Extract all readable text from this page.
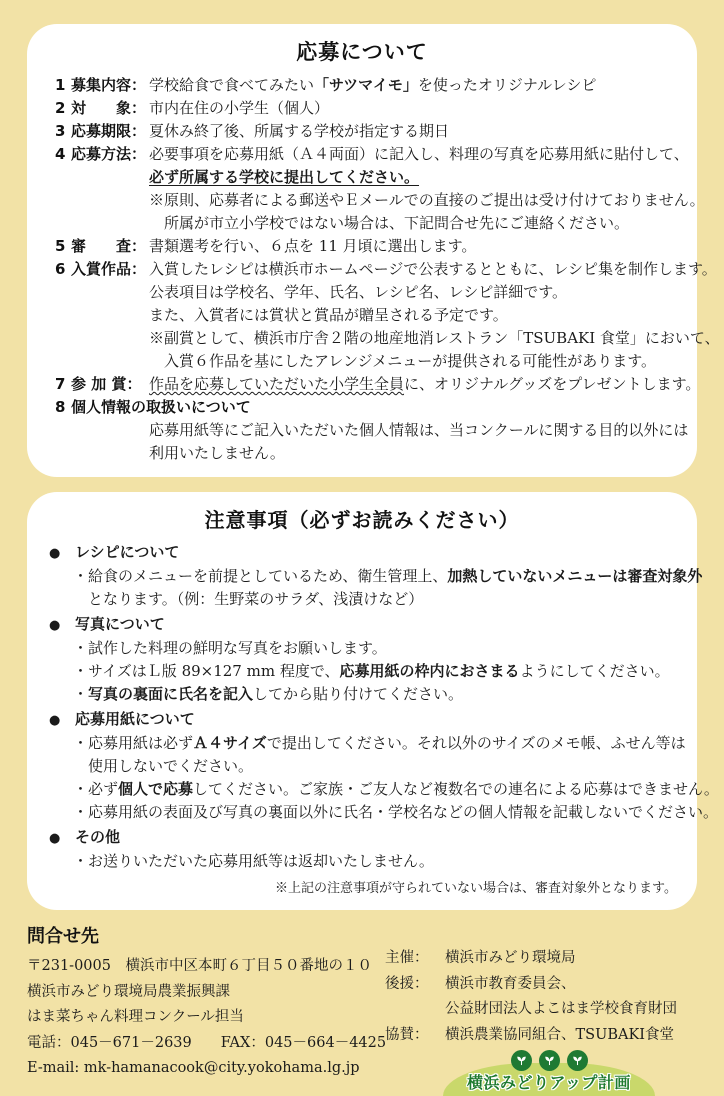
応募について
1 募集内容： 学校給食で食べてみたい「サツマイモ」を使ったオリジナルレシピ
2 対　　象： 市内在住の小学生（個人）
3 応募期限： 夏休み終了後、所属する学校が指定する期日
4 応募方法： 必要事項を応募用紙（Ａ４両面）に記入し、料理の写真を応募用紙に貼付して、
必ず所属する学校に提出してください。
※原則、応募者による郵送やＥメールでの直接のご提出は受け付けておりません。
所属が市立小学校ではない場合は、下記問合せ先にご連絡ください。
5 審　　査： 書類選考を行い、６点を 11 月頃に選出します。
6 入賞作品： 入賞したレシピは横浜市ホームページで公表するとともに、レシピ集を制作します。
公表項目は学校名、学年、氏名、レシピ名、レシピ詳細です。
また、入賞者には賞状と賞品が贈呈される予定です。
※副賞として、横浜市庁舎２階の地産地消レストラン「TSUBAKI 食堂」において、
入賞６作品を基にしたアレンジメニューが提供される可能性があります。
7 参 加 賞： 作品を応募していただいた小学生全員に、オリジナルグッズをプレゼントします。
8 個人情報の取扱いについて
応募用紙等にご記入いただいた個人情報は、当コンクールに関する目的以外には
利用いたしません。
注意事項（必ずお読みください）
● レシピについて
・給食のメニューを前提としているため、衛生管理上、加熱していないメニューは審査対象外
となります。（例：生野菜のサラダ、浅漬けなど）
● 写真について
・試作した料理の鮮明な写真をお願いします。
・サイズはＬ版 89×127 mm 程度で、応募用紙の枠内におさまるようにしてください。
・写真の裏面に氏名を記入してから貼り付けてください。
● 応募用紙について
・応募用紙は必ずＡ４サイズで提出してください。それ以外のサイズのメモ帳、ふせん等は
使用しないでください。
・必ず個人で応募してください。ご家族・ご友人など複数名での連名による応募はできません。
・応募用紙の表面及び写真の裏面以外に氏名・学校名などの個人情報を記載しないでください。
● その他
・お送りいただいた応募用紙等は返却いたしません。
※上記の注意事項が守られていない場合は、審査対象外となります。
問合せ先
〒231-0005　横浜市中区本町６丁目５０番地の１０
横浜市みどり環境局農業振興課
はま菜ちゃん料理コンクール担当
電話：045－671－2639　　FAX：045－664－4425
E-mail: mk-hamanacook@city.yokohama.lg.jp
主催：	横浜市みどり環境局
後援：	横浜市教育委員会、
公益財団法人よこはま学校食育財団
協賛：	横浜農業協同組合、TSUBAKI食堂
横浜みどりアップ計画
